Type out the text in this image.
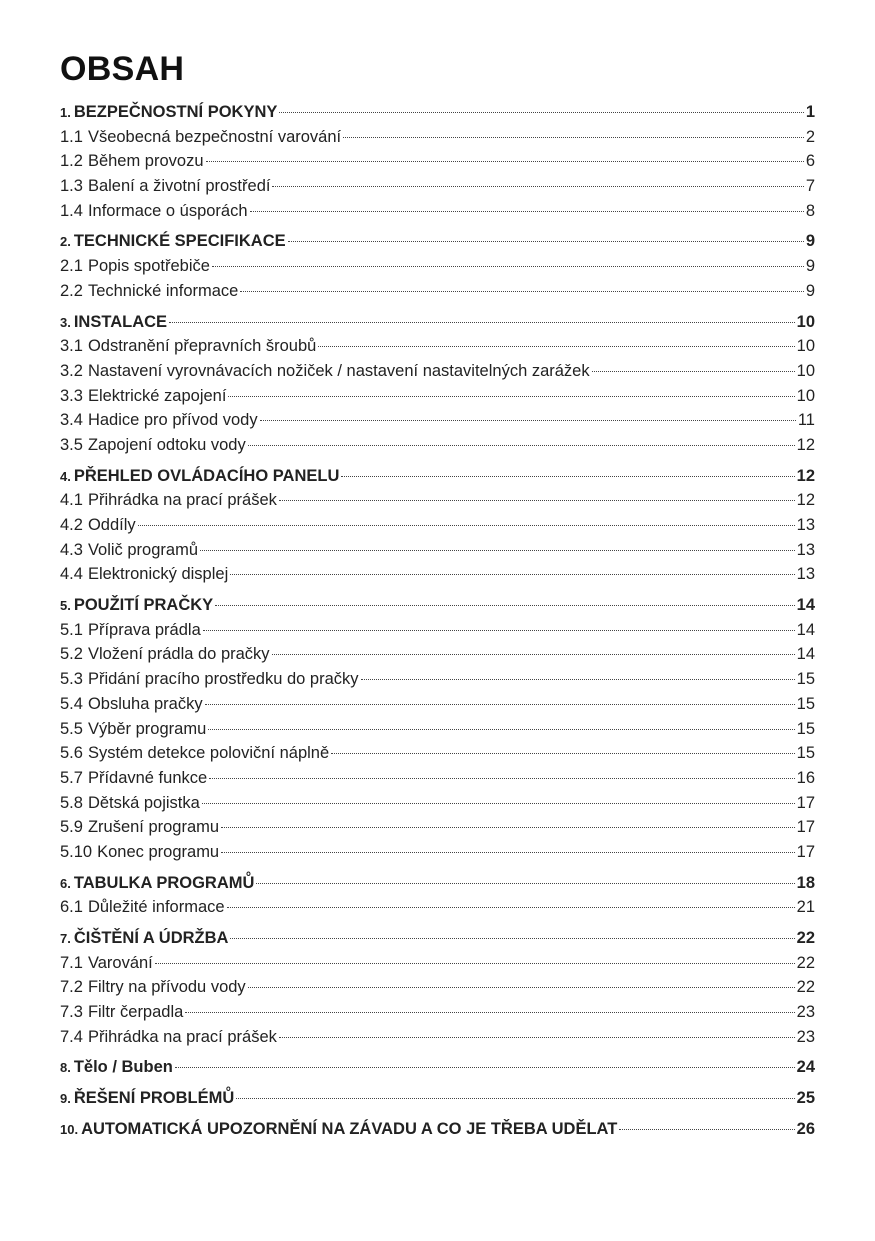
OBSAH
1. BEZPEČNOSTNÍ POKYNY	1
1.1 Všeobecná bezpečnostní varování	2
1.2 Během provozu	6
1.3 Balení a životní prostředí	7
1.4 Informace o úsporách	8
2. TECHNICKÉ SPECIFIKACE	9
2.1 Popis spotřebiče	9
2.2 Technické informace	9
3. INSTALACE	10
3.1 Odstranění přepravních šroubů	10
3.2 Nastavení vyrovnávacích nožiček / nastavení nastavitelných zarážek	10
3.3 Elektrické zapojení	10
3.4 Hadice pro přívod vody	11
3.5 Zapojení odtoku vody	12
4. PŘEHLED OVLÁDACÍHO PANELU	12
4.1 Přihrádka na prací prášek	12
4.2 Oddíly	13
4.3 Volič programů	13
4.4 Elektronický displej	13
5. POUŽITÍ PRAČKY	14
5.1 Příprava prádla	14
5.2 Vložení prádla do pračky	14
5.3 Přidání pracího prostředku do pračky	15
5.4 Obsluha pračky	15
5.5 Výběr programu	15
5.6 Systém detekce poloviční náplně	15
5.7 Přídavné funkce	16
5.8 Dětská pojistka	17
5.9 Zrušení programu	17
5.10 Konec programu	17
6. TABULKA PROGRAMŮ	18
6.1 Důležité informace	21
7. ČIŠTĚNÍ A ÚDRŽBA	22
7.1 Varování	22
7.2 Filtry na přívodu vody	22
7.3 Filtr čerpadla	23
7.4 Přihrádka na prací prášek	23
8. Tělo / Buben	24
9. ŘEŠENÍ PROBLÉMŮ	25
10. AUTOMATICKÁ UPOZORNĚNÍ NA ZÁVADU A CO JE TŘEBA UDĚLAT	26
